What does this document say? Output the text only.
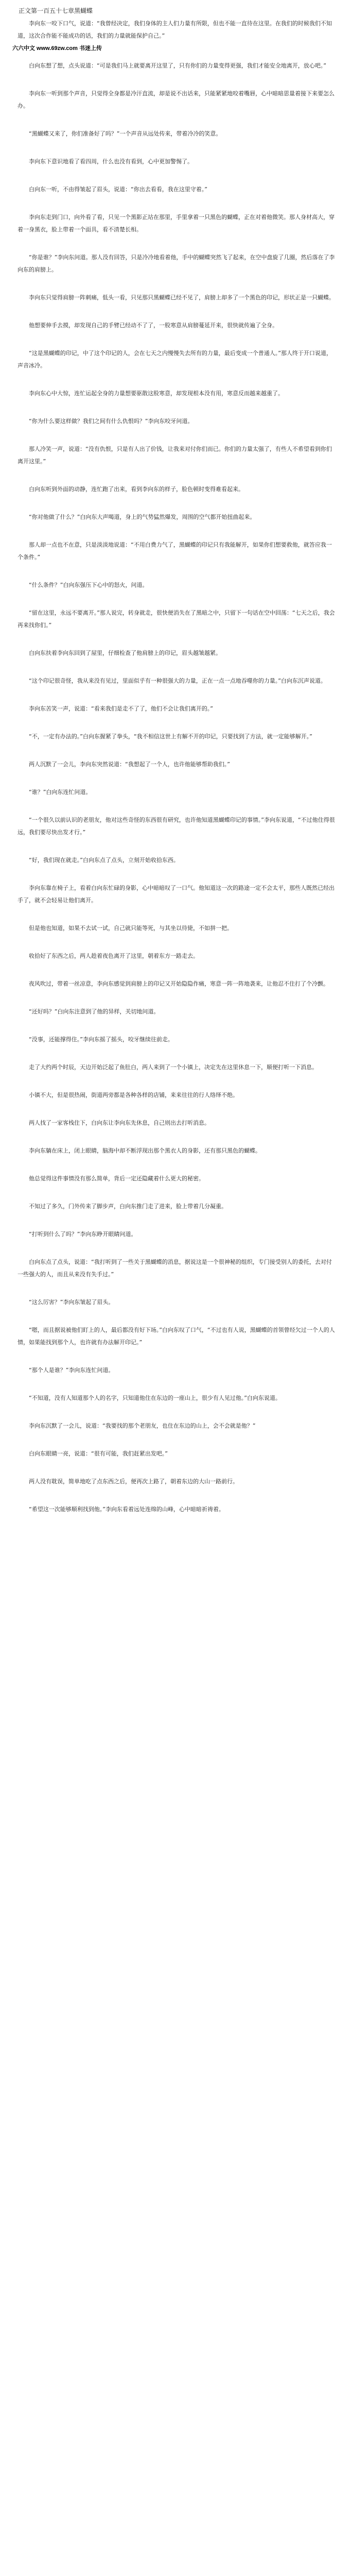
正文第一百五十七章黑蝴蝶

李向东一咬下口气，说道：“我曾经决定，我们身体的主人们力量有所限，但也不能一直待在这里。在我们的时候我们不知道，这次合作能不能成功的话，我们的力量就能保护自己。”

六六中文 www.69zw.com 书迷上传

白向东想了想，点头说道：“可是我们马上就要离开这里了，只有你们的力量变得更强，我们才能安全地离开，放心吧。”

李向东一听到那个声音，只觉得全身都是冷汗直流，却是说不出话来，只能紧紧地咬着嘴唇，心中暗暗思量着接下来要怎么办。

“黑蝴蝶又来了，你们准备好了吗？”一个声音从远处传来，带着冷冷的笑意。

李向东下意识地看了看四周，什么也没有看到，心中更加警惕了。

白向东一听，不由得皱起了眉头，说道：“你出去看看，我在这里守着。”

李向东走到门口，向外看了看，只见一个黑影正站在那里，手里拿着一只黑色的蝴蝶，正在对着他微笑。那人身材高大，穿着一身黑衣，脸上带着一个面具，看不清楚长相。

“你是谁？”李向东问道。那人没有回答，只是冷冷地看着他，手中的蝴蝶突然飞了起来，在空中盘旋了几圈，然后落在了李向东的肩膀上。

李向东只觉得肩膀一阵刺痛，低头一看，只见那只黑蝴蝶已经不见了，肩膀上却多了一个黑色的印记，形状正是一只蝴蝶。

他想要伸手去摸，却发现自己的手臂已经动不了了，一股寒意从肩膀蔓延开来，很快就传遍了全身。

“这是黑蝴蝶的印记，中了这个印记的人，会在七天之内慢慢失去所有的力量，最后变成一个普通人。”那人终于开口说道，声音冰冷。

李向东心中大惊，连忙运起全身的力量想要驱散这股寒意，却发现根本没有用，寒意反而越来越重了。

“你为什么要这样做？我们之间有什么仇恨吗？”李向东咬牙问道。

那人冷笑一声，说道：“没有仇恨，只是有人出了价钱，让我来对付你们而已。你们的力量太强了，有些人不希望看到你们离开这里。”

白向东听到外面的动静，连忙跑了出来，看到李向东的样子，脸色顿时变得难看起来。

“你对他做了什么？”白向东大声喝道，身上的气势猛然爆发，周围的空气都开始扭曲起来。

那人却一点也不在意，只是淡淡地说道：“不用白费力气了，黑蝴蝶的印记只有我能解开，如果你们想要救他，就答应我一个条件。”

“什么条件？”白向东强压下心中的怒火，问道。

“留在这里，永远不要离开。”那人说完，转身就走，很快便消失在了黑暗之中，只留下一句话在空中回荡：“七天之后，我会再来找你们。”

白向东扶着李向东回到了屋里，仔细检查了他肩膀上的印记，眉头越皱越紧。

“这个印记很奇怪，我从来没有见过，里面似乎有一种很强大的力量，正在一点一点地吞噬你的力量。”白向东沉声说道。

李向东苦笑一声，说道：“看来我们是走不了了，他们不会让我们离开的。”

“不，一定有办法的。”白向东握紧了拳头，“我不相信这世上有解不开的印记，只要找到了方法，就一定能够解开。”

两人沉默了一会儿，李向东突然说道：“我想起了一个人，也许他能够帮助我们。”

“谁？”白向东连忙问道。

“一个很久以前认识的老朋友，他对这些奇怪的东西很有研究，也许他知道黑蝴蝶印记的事情。”李向东说道，“不过他住得很远，我们要尽快出发才行。”

“好，我们现在就走。”白向东点了点头，立刻开始收拾东西。

李向东靠在椅子上，看着白向东忙碌的身影，心中暗暗叹了一口气。他知道这一次的路途一定不会太平，那些人既然已经出手了，就不会轻易让他们离开。

但是他也知道，如果不去试一试，自己就只能等死，与其坐以待毙，不如拼一把。

收拾好了东西之后，两人趁着夜色离开了这里，朝着东方一路走去。

夜风吹过，带着一丝凉意，李向东感觉到肩膀上的印记又开始隐隐作痛，寒意一阵一阵地袭来，让他忍不住打了个冷颤。

“还好吗？”白向东注意到了他的异样，关切地问道。

“没事，还能撑得住。”李向东摇了摇头，咬牙继续往前走。

走了大约两个时辰，天边开始泛起了鱼肚白，两人来到了一个小镇上，决定先在这里休息一下，顺便打听一下消息。

小镇不大，但是很热闹，街道两旁都是各种各样的店铺，来来往往的行人络绎不绝。

两人找了一家客栈住下，白向东让李向东先休息，自己则出去打听消息。

李向东躺在床上，闭上眼睛，脑海中却不断浮现出那个黑衣人的身影，还有那只黑色的蝴蝶。

他总觉得这件事情没有那么简单，背后一定还隐藏着什么更大的秘密。

不知过了多久，门外传来了脚步声，白向东推门走了进来，脸上带着几分凝重。

“打听到什么了吗？”李向东睁开眼睛问道。

白向东点了点头，说道：“我打听到了一些关于黑蝴蝶的消息，据说这是一个很神秘的组织，专门接受别人的委托，去对付一些强大的人，而且从来没有失手过。”

“这么厉害？”李向东皱起了眉头。

“嗯，而且据说被他们盯上的人，最后都没有好下场。”白向东叹了口气，“不过也有人说，黑蝴蝶的首领曾经欠过一个人的人情，如果能找到那个人，也许就有办法解开印记。”

“那个人是谁？”李向东连忙问道。

“不知道，没有人知道那个人的名字，只知道他住在东边的一座山上，很少有人见过他。”白向东说道。

李向东沉默了一会儿，说道：“我要找的那个老朋友，也住在东边的山上，会不会就是他？”

白向东眼睛一亮，说道：“很有可能，我们赶紧出发吧。”

两人没有耽误，简单地吃了点东西之后，便再次上路了，朝着东边的大山一路前行。

“希望这一次能够顺利找到他。”李向东看着远处连绵的山峰，心中暗暗祈祷着。
